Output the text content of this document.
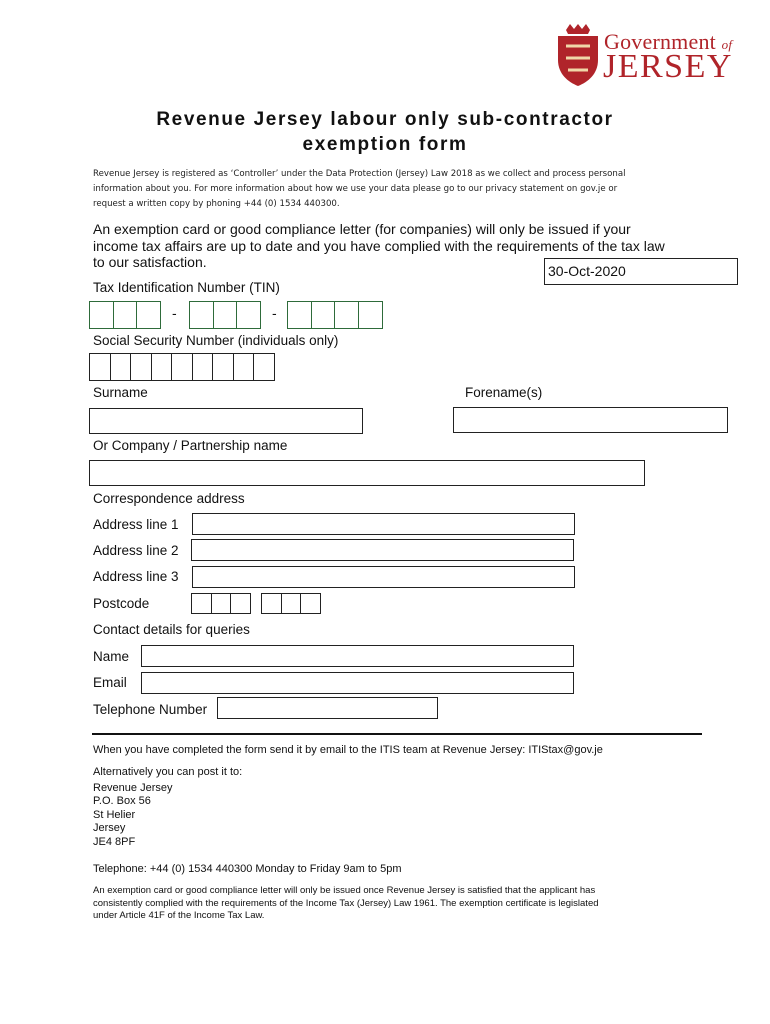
Government of
JERSEY
Revenue Jersey labour only sub-contractor
exemption form
Revenue Jersey is registered as ‘Controller’ under the Data Protection (Jersey) Law 2018 as we collect and process personal
information about you. For more information about how we use your data please go to our privacy statement on gov.je or
request a written copy by phoning +44 (0) 1534 440300.
An exemption card or good compliance letter (for companies) will only be issued if your
income tax affairs are up to date and you have complied with the requirements of the tax law
to our satisfaction.
30-Oct-2020
Tax Identification Number (TIN)
-	-
Social Security Number (individuals only)
Surname	Forename(s)
Or Company / Partnership name
Correspondence address
Address line 1
Address line 2
Address line 3
Postcode
Contact details for queries
Name
Email
Telephone Number
When you have completed the form send it by email to the ITIS team at Revenue Jersey: ITIStax@gov.je
Alternatively you can post it to:
Revenue Jersey
P.O. Box 56
St Helier
Jersey
JE4 8PF
Telephone: +44 (0) 1534 440300 Monday to Friday 9am to 5pm
An exemption card or good compliance letter will only be issued once Revenue Jersey is satisfied that the applicant has
consistently complied with the requirements of the Income Tax (Jersey) Law 1961. The exemption certificate is legislated
under Article 41F of the Income Tax Law.
